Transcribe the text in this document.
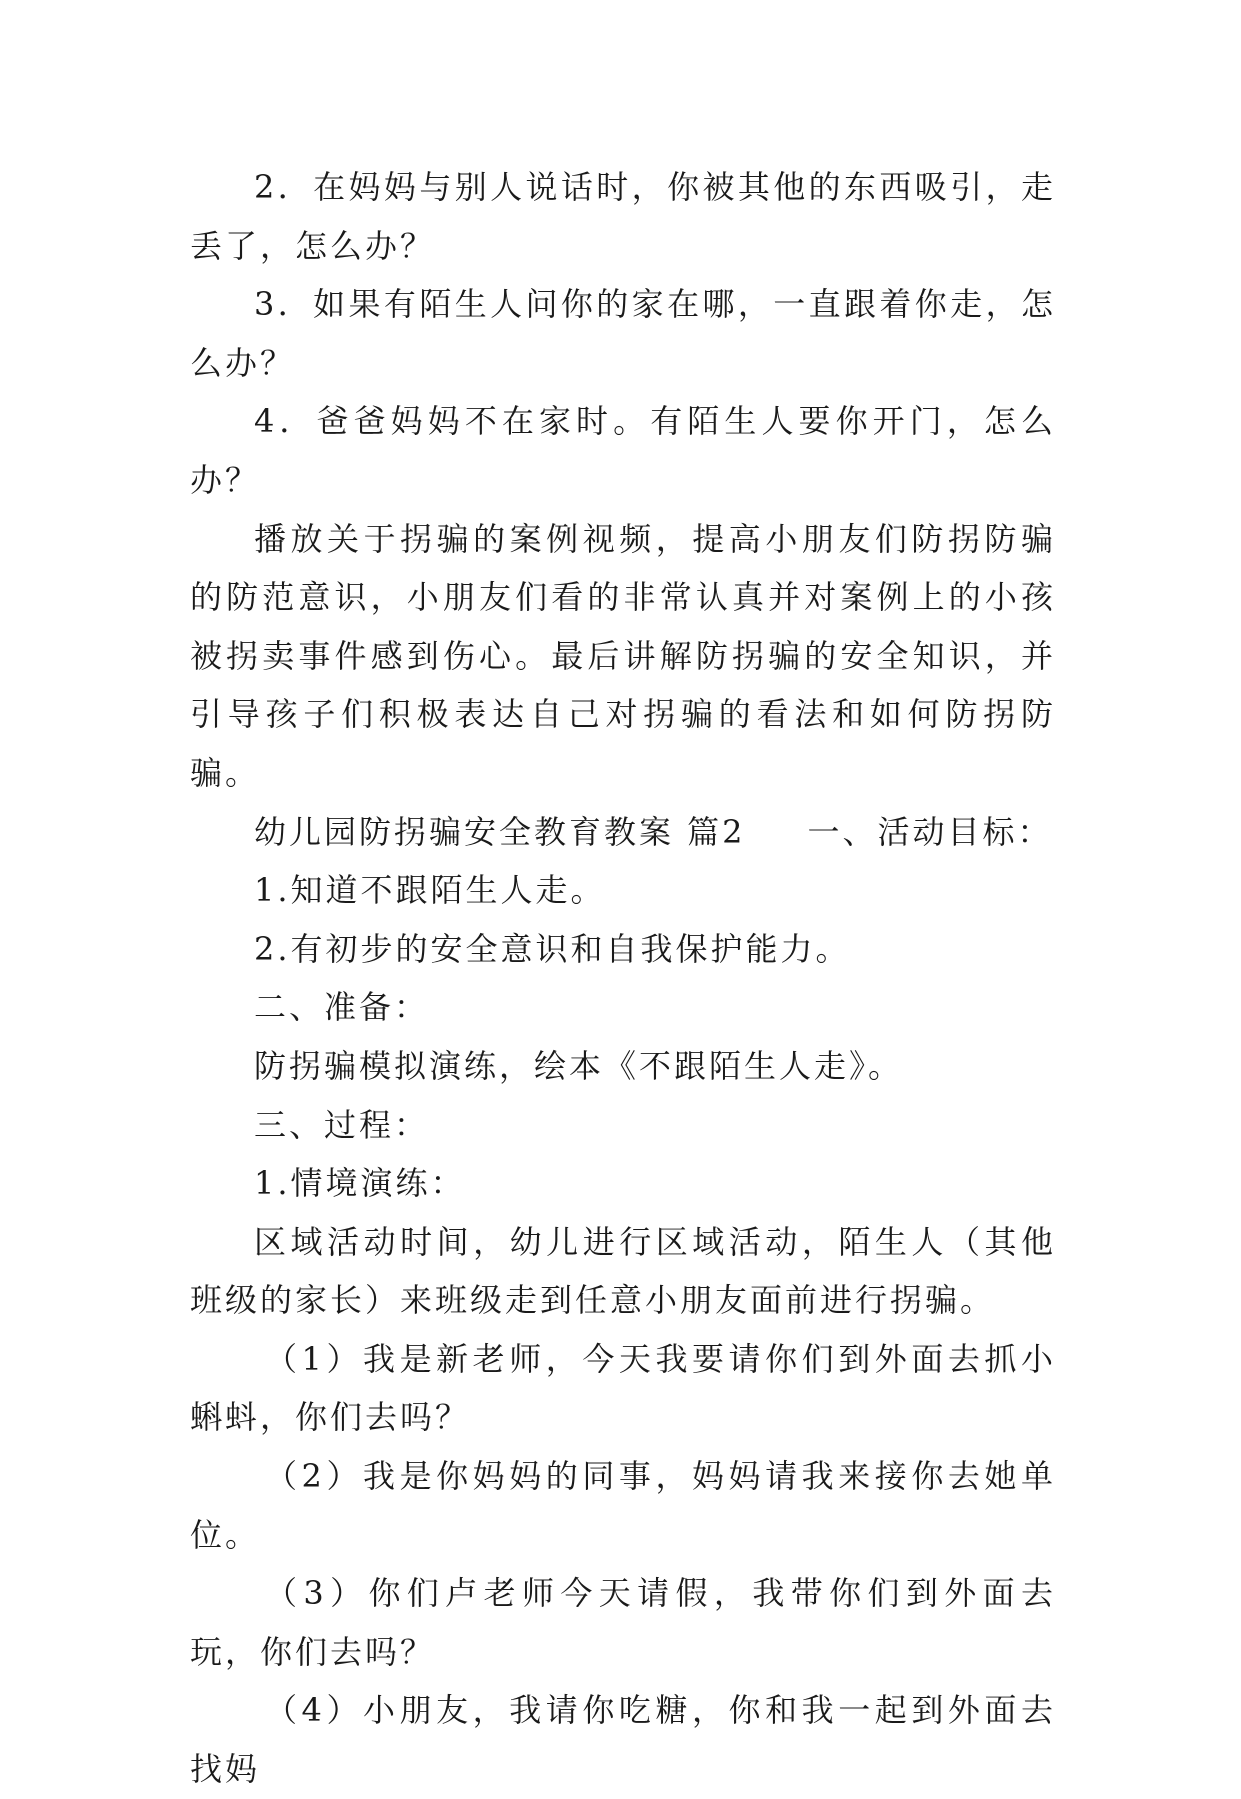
2．在妈妈与别人说话时，你被其他的东西吸引，走丢了，怎么办？

3．如果有陌生人问你的家在哪，一直跟着你走，怎么办？

4．爸爸妈妈不在家时。有陌生人要你开门，怎么办？

播放关于拐骗的案例视频，提高小朋友们防拐防骗的防范意识，小朋友们看的非常认真并对案例上的小孩被拐卖事件感到伤心。最后讲解防拐骗的安全知识，并引导孩子们积极表达自己对拐骗的看法和如何防拐防骗。

幼儿园防拐骗安全教育教案 篇2 一、活动目标：

1.知道不跟陌生人走。

2.有初步的安全意识和自我保护能力。

二、准备：

防拐骗模拟演练，绘本《不跟陌生人走》。

三、过程：

1.情境演练：

区域活动时间，幼儿进行区域活动，陌生人（其他班级的家长）来班级走到任意小朋友面前进行拐骗。

（1）我是新老师，今天我要请你们到外面去抓小蝌蚪，你们去吗？

（2）我是你妈妈的同事，妈妈请我来接你去她单位。

（3）你们卢老师今天请假，我带你们到外面去玩，你们去吗？

（4）小朋友，我请你吃糖，你和我一起到外面去找妈
